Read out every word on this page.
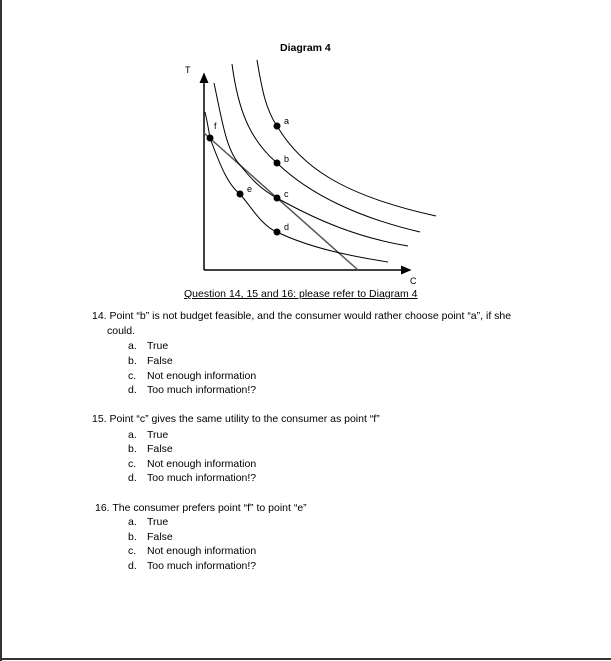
Diagram 4
T
C
a
b
c
d
e
f
Question 14, 15 and 16: please refer to Diagram 4
14. Point “b” is not budget feasible, and the consumer would rather choose point “a”, if she
could.
a. True
b. False
c. Not enough information
d. Too much information!?
15. Point “c” gives the same utility to the consumer as point “f”
a. True
b. False
c. Not enough information
d. Too much information!?
16. The consumer prefers point “f” to point “e”
a. True
b. False
c. Not enough information
d. Too much information!?
